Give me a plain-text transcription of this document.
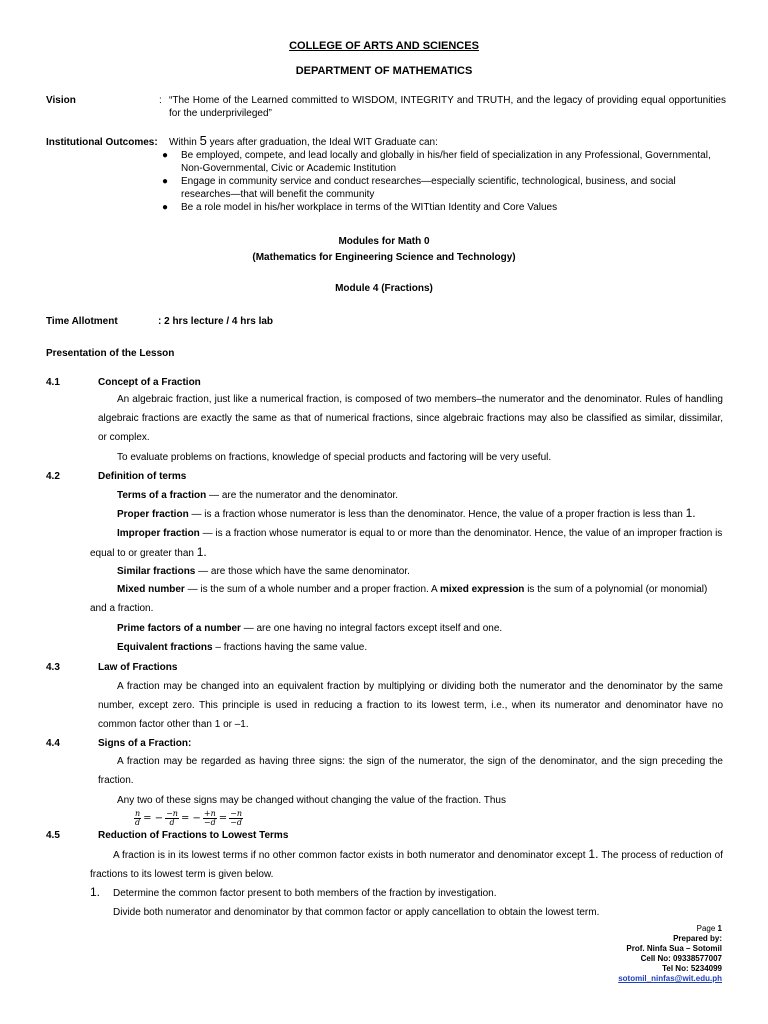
COLLEGE OF ARTS AND SCIENCES
DEPARTMENT OF MATHEMATICS
Vision	: “The Home of the Learned committed to WISDOM, INTEGRITY and TRUTH, and the legacy of providing equal opportunities for the underprivileged”
Institutional Outcomes: Within 5 years after graduation, the Ideal WIT Graduate can:
● Be employed, compete, and lead locally and globally in his/her field of specialization in any Professional, Governmental, Non-Governmental, Civic or Academic Institution
● Engage in community service and conduct researches—especially scientific, technological, business, and social researches—that will benefit the community
● Be a role model in his/her workplace in terms of the WITtian Identity and Core Values
Modules for Math 0
(Mathematics for Engineering Science and Technology)
Module 4 (Fractions)
Time Allotment	: 2 hrs lecture / 4 hrs lab
Presentation of the Lesson
4.1	Concept of a Fraction
An algebraic fraction, just like a numerical fraction, is composed of two members–the numerator and the denominator. Rules of handling algebraic fractions are exactly the same as that of numerical fractions, since algebraic fractions may also be classified as similar, dissimilar, or complex.
To evaluate problems on fractions, knowledge of special products and factoring will be very useful.
4.2	Definition of terms
Terms of a fraction — are the numerator and the denominator.
Proper fraction — is a fraction whose numerator is less than the denominator. Hence, the value of a proper fraction is less than 1.
Improper fraction — is a fraction whose numerator is equal to or more than the denominator. Hence, the value of an improper fraction is equal to or greater than 1.
Similar fractions — are those which have the same denominator.
Mixed number — is the sum of a whole number and a proper fraction. A mixed expression is the sum of a polynomial (or monomial) and a fraction.
Prime factors of a number — are one having no integral factors except itself and one.
Equivalent fractions – fractions having the same value.
4.3	Law of Fractions
A fraction may be changed into an equivalent fraction by multiplying or dividing both the numerator and the denominator by the same number, except zero. This principle is used in reducing a fraction to its lowest term, i.e., when its numerator and denominator have no common factor other than 1 or –1.
4.4	Signs of a Fraction:
A fraction may be regarded as having three signs: the sign of the numerator, the sign of the denominator, and the sign preceding the fraction.
Any two of these signs may be changed without changing the value of the fraction. Thus
$\frac{n}{d}$ = − $\frac{-n}{d}$ = − $\frac{+n}{-d} = \frac{-n}{-d}$
4.5	Reduction of Fractions to Lowest Terms
A fraction is in its lowest terms if no other common factor exists in both numerator and denominator except 1. The process of reduction of fractions to its lowest term is given below.
1. Determine the common factor present to both members of the fraction by investigation.
Divide both numerator and denominator by that common factor or apply cancellation to obtain the lowest term.
Page 1
Prepared by:
Prof. Ninfa Sua – Sotomil
Cell No: 09338577007
Tel No: 5234099
sotomil_ninfas@wit.edu.ph
